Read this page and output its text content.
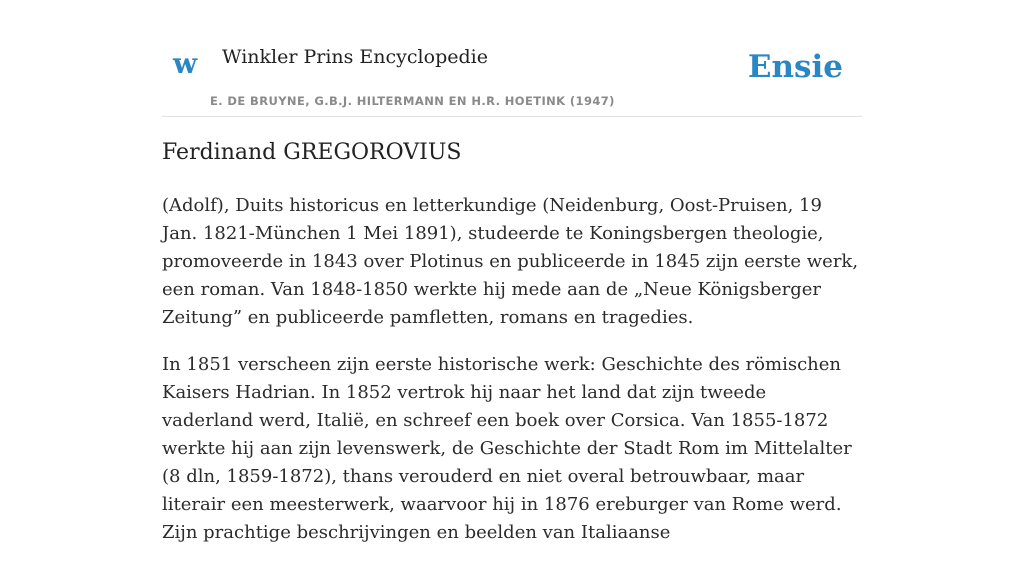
w Winkler Prins Encyclopedie
E. DE BRUYNE, G.B.J. HILTERMANN EN H.R. HOETINK (1947)
Ensie
Ferdinand GREGOROVIUS

(Adolf), Duits historicus en letterkundige (Neidenburg, Oost-Pruisen, 19 Jan. 1821-München 1 Mei 1891), studeerde te Koningsbergen theologie, promoveerde in 1843 over Plotinus en publiceerde in 1845 zijn eerste werk, een roman. Van 1848-1850 werkte hij mede aan de „Neue Königsberger Zeitung” en publiceerde pamfletten, romans en tragedies.

In 1851 verscheen zijn eerste historische werk: Geschichte des römischen Kaisers Hadrian. In 1852 vertrok hij naar het land dat zijn tweede vaderland werd, Italië, en schreef een boek over Corsica. Van 1855-1872 werkte hij aan zijn levenswerk, de Geschichte der Stadt Rom im Mittelalter (8 dln, 1859-1872), thans verouderd en niet overal betrouwbaar, maar literair een meesterwerk, waarvoor hij in 1876 ereburger van Rome werd. Zijn prachtige beschrijvingen en beelden van Italiaanse
